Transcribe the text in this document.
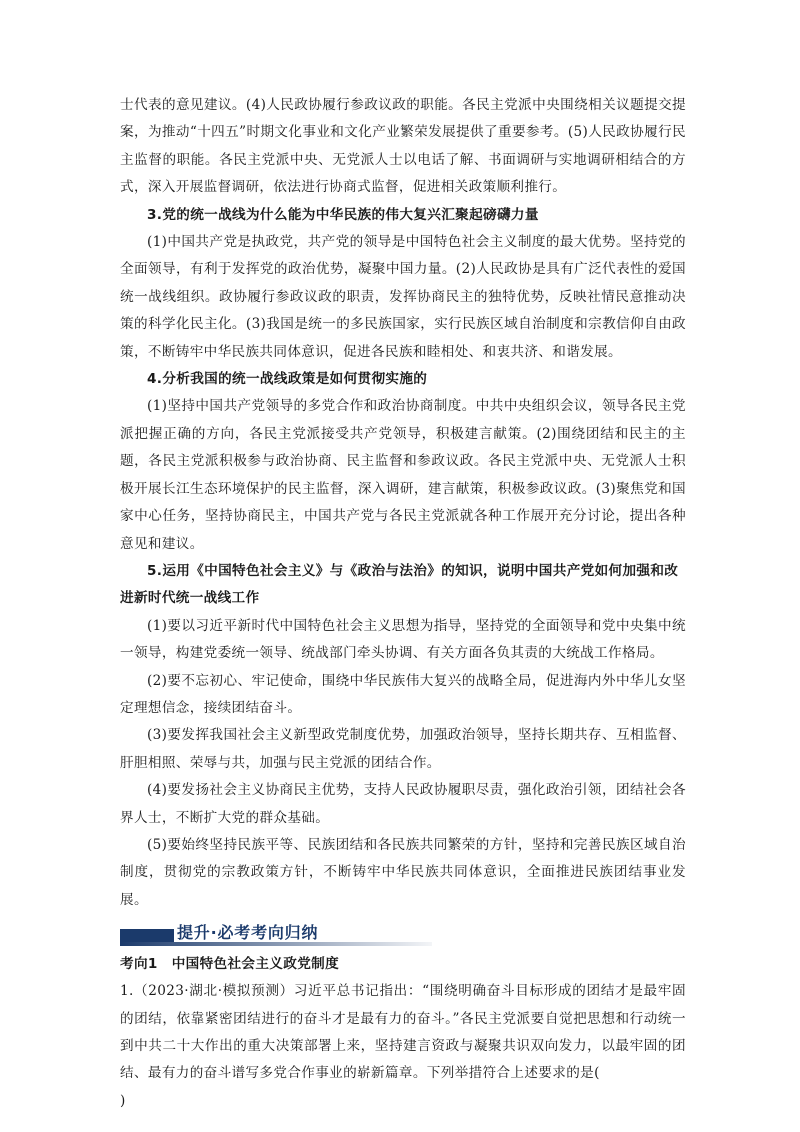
士代表的意见建议。(4)人民政协履行参政议政的职能。各民主党派中央围绕相关议题提交提案，为推动“十四五”时期文化事业和文化产业繁荣发展提供了重要参考。(5)人民政协履行民主监督的职能。各民主党派中央、无党派人士以电话了解、书面调研与实地调研相结合的方式，深入开展监督调研，依法进行协商式监督，促进相关政策顺利推行。

3.党的统一战线为什么能为中华民族的伟大复兴汇聚起磅礴力量

(1)中国共产党是执政党，共产党的领导是中国特色社会主义制度的最大优势。坚持党的全面领导，有利于发挥党的政治优势，凝聚中国力量。(2)人民政协是具有广泛代表性的爱国统一战线组织。政协履行参政议政的职责，发挥协商民主的独特优势，反映社情民意推动决策的科学化民主化。(3)我国是统一的多民族国家，实行民族区域自治制度和宗教信仰自由政策，不断铸牢中华民族共同体意识，促进各民族和睦相处、和衷共济、和谐发展。

4.分析我国的统一战线政策是如何贯彻实施的

(1)坚持中国共产党领导的多党合作和政治协商制度。中共中央组织会议，领导各民主党派把握正确的方向，各民主党派接受共产党领导，积极建言献策。(2)围绕团结和民主的主题，各民主党派积极参与政治协商、民主监督和参政议政。各民主党派中央、无党派人士积极开展长江生态环境保护的民主监督，深入调研，建言献策，积极参政议政。(3)聚焦党和国家中心任务，坚持协商民主，中国共产党与各民主党派就各种工作展开充分讨论，提出各种意见和建议。

5.运用《中国特色社会主义》与《政治与法治》的知识，说明中国共产党如何加强和改进新时代统一战线工作

(1)要以习近平新时代中国特色社会主义思想为指导，坚持党的全面领导和党中央集中统一领导，构建党委统一领导、统战部门牵头协调、有关方面各负其责的大统战工作格局。

(2)要不忘初心、牢记使命，围绕中华民族伟大复兴的战略全局，促进海内外中华儿女坚定理想信念，接续团结奋斗。

(3)要发挥我国社会主义新型政党制度优势，加强政治领导，坚持长期共存、互相监督、肝胆相照、荣辱与共，加强与民主党派的团结合作。

(4)要发扬社会主义协商民主优势，支持人民政协履职尽责，强化政治引领，团结社会各界人士，不断扩大党的群众基础。

(5)要始终坚持民族平等、民族团结和各民族共同繁荣的方针，坚持和完善民族区域自治制度，贯彻党的宗教政策方针，不断铸牢中华民族共同体意识，全面推进民族团结事业发展。

提升·必考考向归纳

考向1 中国特色社会主义政党制度

1.（2023·湖北·模拟预测）习近平总书记指出：“围绕明确奋斗目标形成的团结才是最牢固的团结，依靠紧密团结进行的奋斗才是最有力的奋斗。”各民主党派要自觉把思想和行动统一到中共二十大作出的重大决策部署上来，坚持建言资政与凝聚共识双向发力，以最牢固的团结、最有力的奋斗谱写多党合作事业的崭新篇章。下列举措符合上述要求的是(

)
